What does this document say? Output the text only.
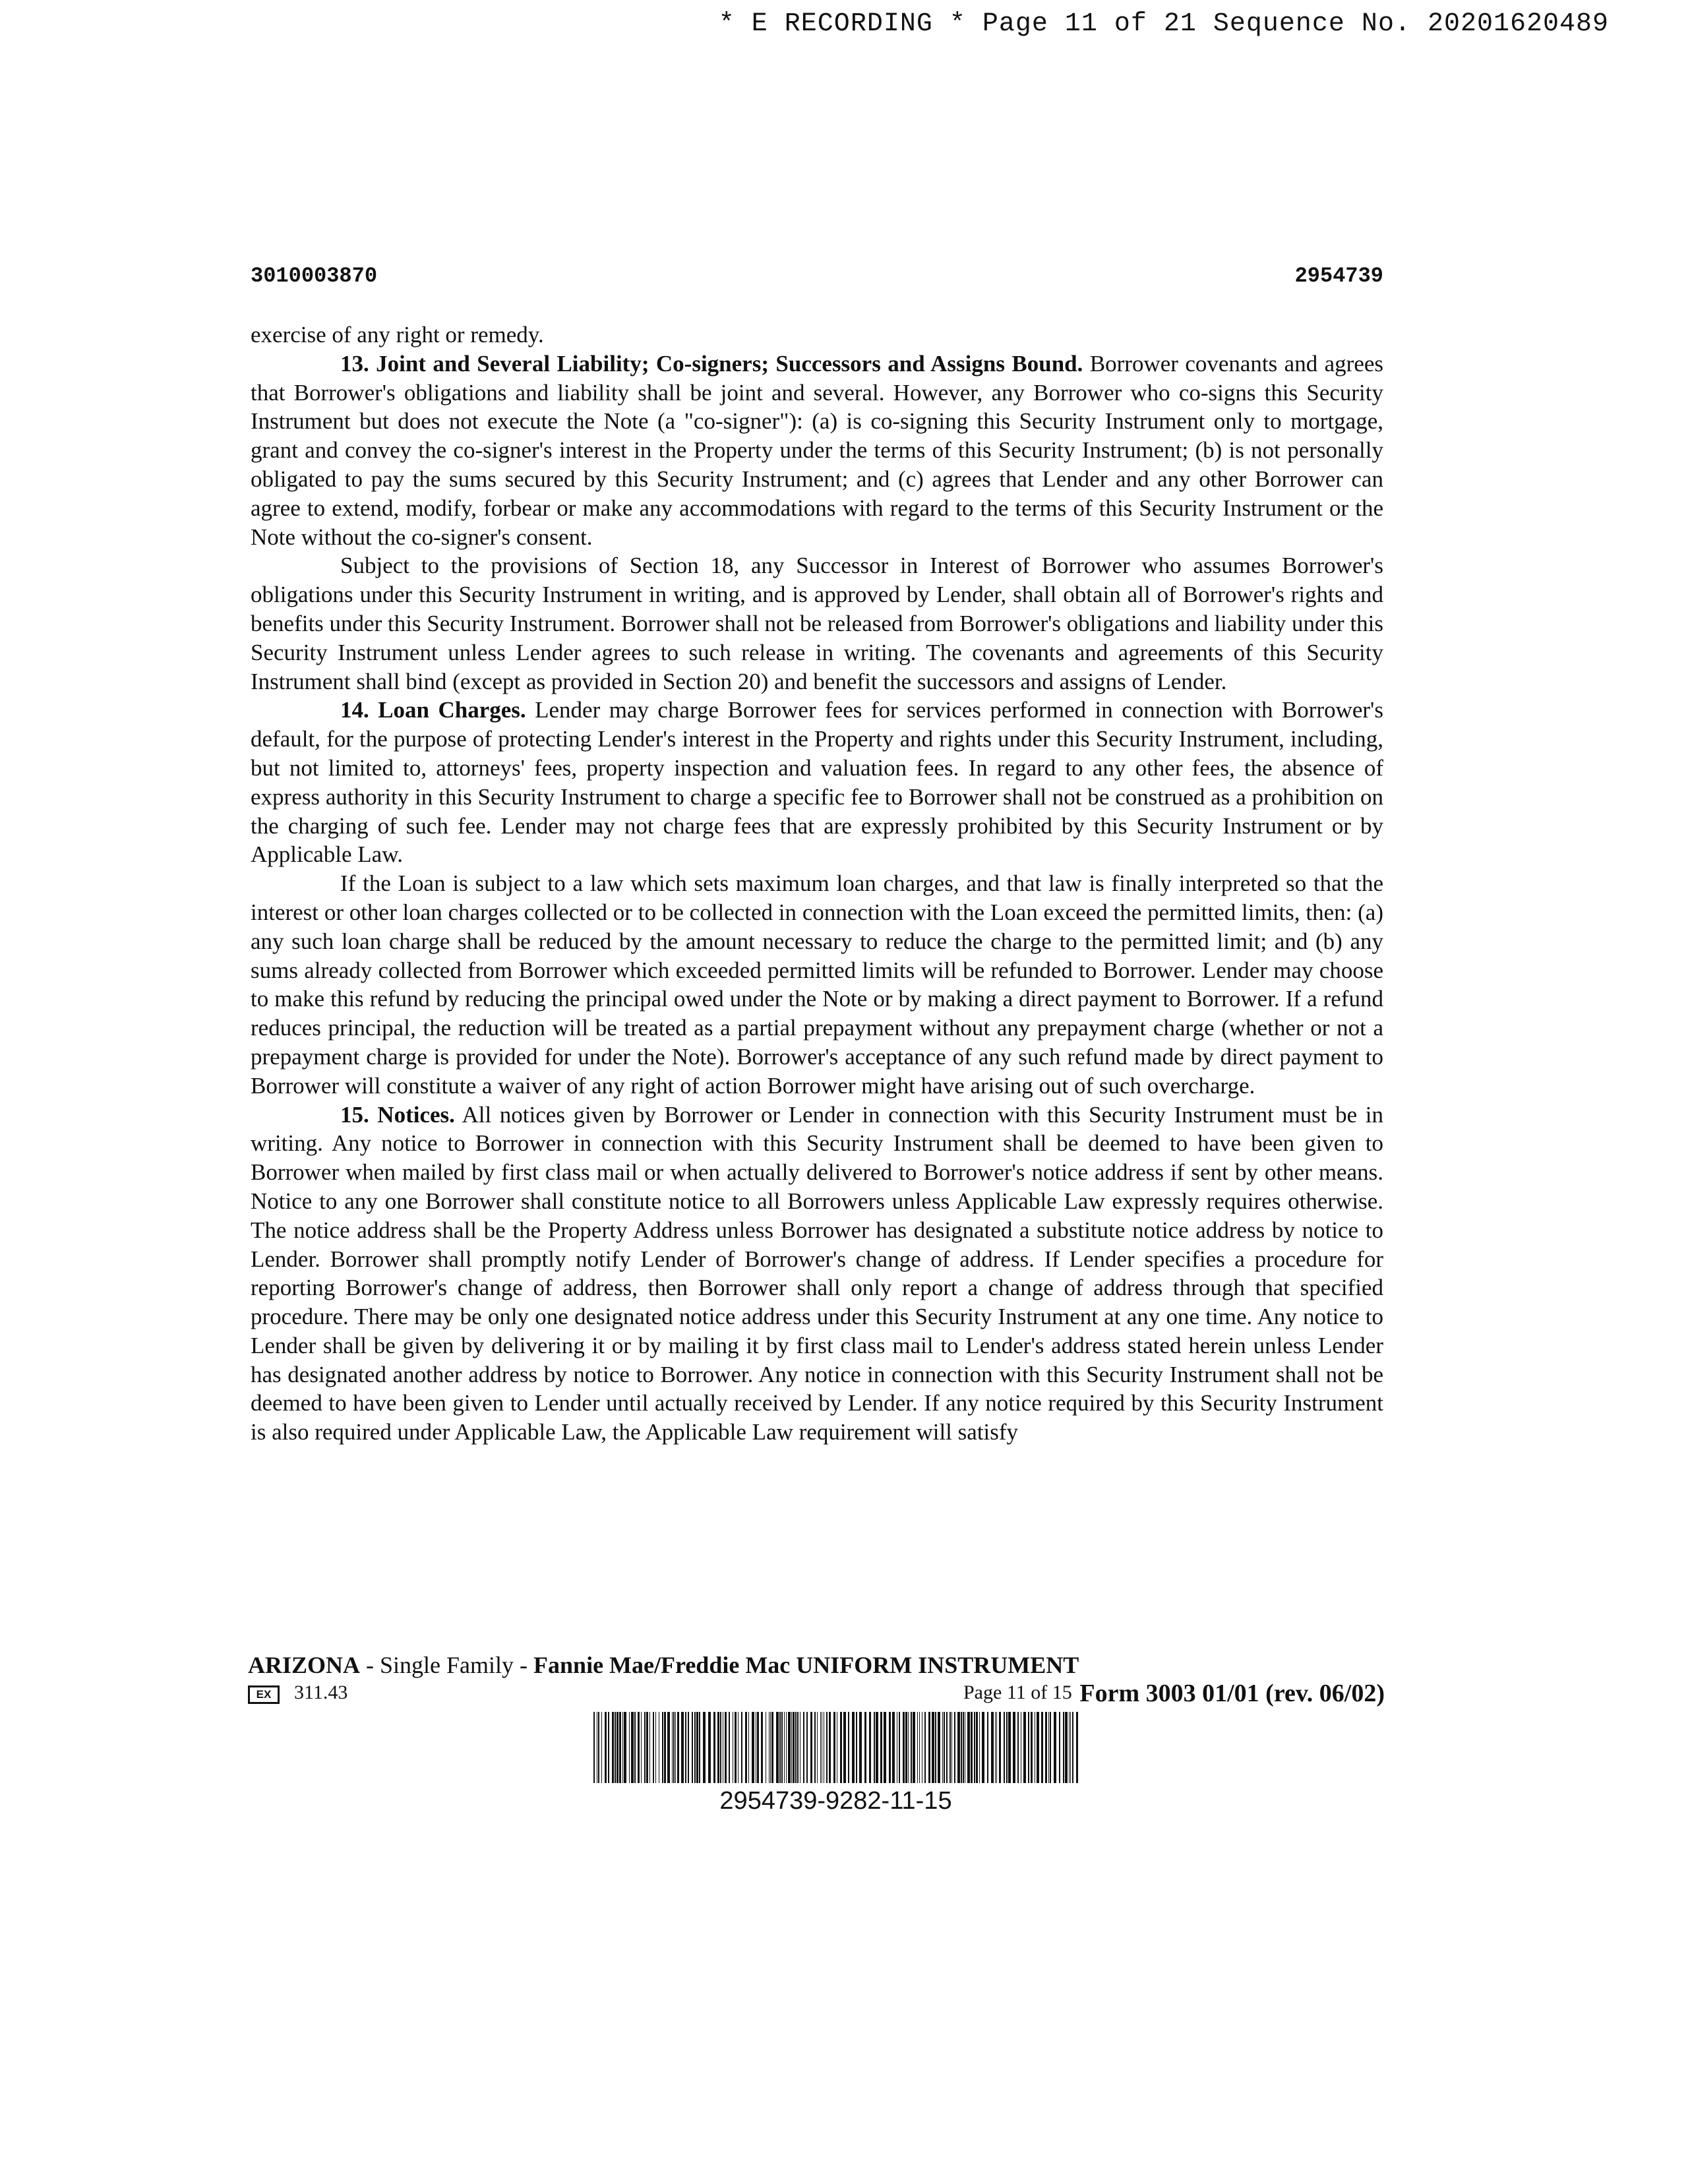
* E RECORDING * Page 11 of 21 Sequence No. 20201620489
3010003870	2954739

exercise of any right or remedy.

13. Joint and Several Liability; Co-signers; Successors and Assigns Bound. Borrower covenants and agrees that Borrower's obligations and liability shall be joint and several. However, any Borrower who co-signs this Security Instrument but does not execute the Note (a "co-signer"): (a) is co-signing this Security Instrument only to mortgage, grant and convey the co-signer's interest in the Property under the terms of this Security Instrument; (b) is not personally obligated to pay the sums secured by this Security Instrument; and (c) agrees that Lender and any other Borrower can agree to extend, modify, forbear or make any accommodations with regard to the terms of this Security Instrument or the Note without the co-signer's consent.

Subject to the provisions of Section 18, any Successor in Interest of Borrower who assumes Borrower's obligations under this Security Instrument in writing, and is approved by Lender, shall obtain all of Borrower's rights and benefits under this Security Instrument. Borrower shall not be released from Borrower's obligations and liability under this Security Instrument unless Lender agrees to such release in writing. The covenants and agreements of this Security Instrument shall bind (except as provided in Section 20) and benefit the successors and assigns of Lender.

14. Loan Charges. Lender may charge Borrower fees for services performed in connection with Borrower's default, for the purpose of protecting Lender's interest in the Property and rights under this Security Instrument, including, but not limited to, attorneys' fees, property inspection and valuation fees. In regard to any other fees, the absence of express authority in this Security Instrument to charge a specific fee to Borrower shall not be construed as a prohibition on the charging of such fee. Lender may not charge fees that are expressly prohibited by this Security Instrument or by Applicable Law.

If the Loan is subject to a law which sets maximum loan charges, and that law is finally interpreted so that the interest or other loan charges collected or to be collected in connection with the Loan exceed the permitted limits, then: (a) any such loan charge shall be reduced by the amount necessary to reduce the charge to the permitted limit; and (b) any sums already collected from Borrower which exceeded permitted limits will be refunded to Borrower. Lender may choose to make this refund by reducing the principal owed under the Note or by making a direct payment to Borrower. If a refund reduces principal, the reduction will be treated as a partial prepayment without any prepayment charge (whether or not a prepayment charge is provided for under the Note). Borrower's acceptance of any such refund made by direct payment to Borrower will constitute a waiver of any right of action Borrower might have arising out of such overcharge.

15. Notices. All notices given by Borrower or Lender in connection with this Security Instrument must be in writing. Any notice to Borrower in connection with this Security Instrument shall be deemed to have been given to Borrower when mailed by first class mail or when actually delivered to Borrower's notice address if sent by other means. Notice to any one Borrower shall constitute notice to all Borrowers unless Applicable Law expressly requires otherwise. The notice address shall be the Property Address unless Borrower has designated a substitute notice address by notice to Lender. Borrower shall promptly notify Lender of Borrower's change of address. If Lender specifies a procedure for reporting Borrower's change of address, then Borrower shall only report a change of address through that specified procedure. There may be only one designated notice address under this Security Instrument at any one time. Any notice to Lender shall be given by delivering it or by mailing it by first class mail to Lender's address stated herein unless Lender has designated another address by notice to Borrower. Any notice in connection with this Security Instrument shall not be deemed to have been given to Lender until actually received by Lender. If any notice required by this Security Instrument is also required under Applicable Law, the Applicable Law requirement will satisfy

ARIZONA - Single Family - Fannie Mae/Freddie Mac UNIFORM INSTRUMENT
EX	311.43	Page 11 of 15 Form 3003 01/01 (rev. 06/02)
2954739-9282-11-15
